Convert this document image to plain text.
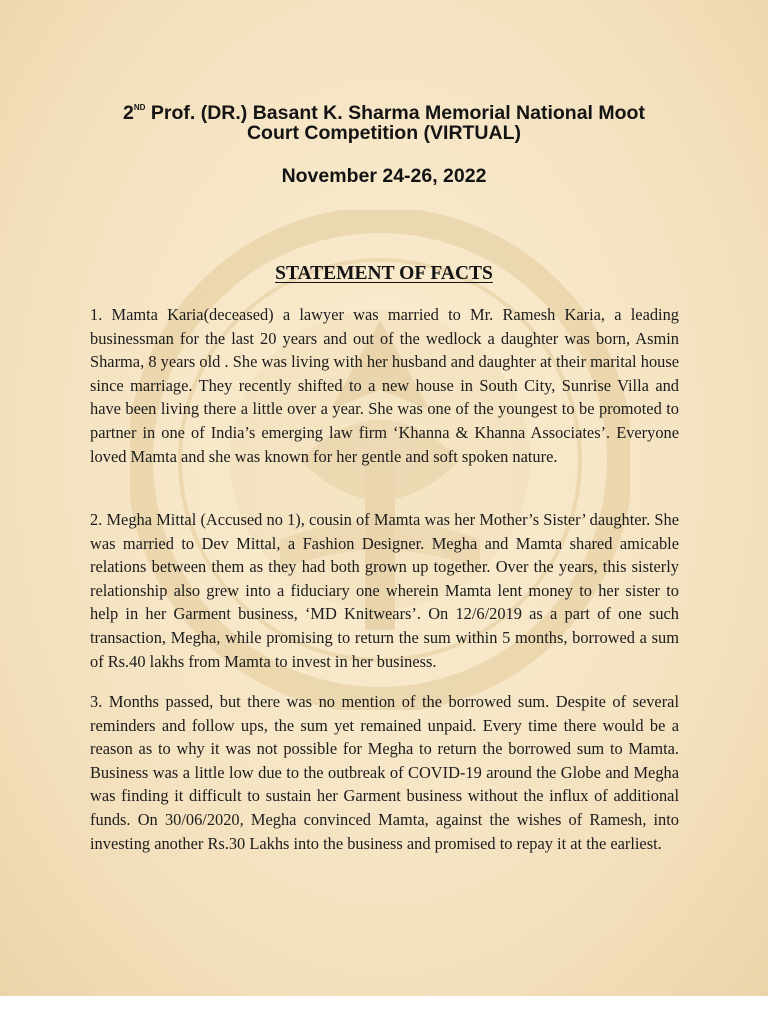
2ND Prof. (DR.) Basant K. Sharma Memorial National Moot
Court Competition (VIRTUAL)
November 24-26, 2022
STATEMENT OF FACTS

1. Mamta Karia(deceased) a lawyer was married to Mr. Ramesh Karia, a leading businessman for the last 20 years and out of the wedlock a daughter was born, Asmin Sharma, 8 years old . She was living with her husband and daughter at their marital house since marriage. They recently shifted to a new house in South City, Sunrise Villa and have been living there a little over a year. She was one of the youngest to be promoted to partner in one of India’s emerging law firm ‘Khanna & Khanna Associates’. Everyone loved Mamta and she was known for her gentle and soft spoken nature.

2. Megha Mittal (Accused no 1), cousin of Mamta was her Mother’s Sister’ daughter. She was married to Dev Mittal, a Fashion Designer. Megha and Mamta shared amicable relations between them as they had both grown up together. Over the years, this sisterly relationship also grew into a fiduciary one wherein Mamta lent money to her sister to help in her Garment business, ‘MD Knitwears’. On 12/6/2019 as a part of one such transaction, Megha, while promising to return the sum within 5 months, borrowed a sum of Rs.40 lakhs from Mamta to invest in her business.

3. Months passed, but there was no mention of the borrowed sum. Despite of several reminders and follow ups, the sum yet remained unpaid. Every time there would be a reason as to why it was not possible for Megha to return the borrowed sum to Mamta. Business was a little low due to the outbreak of COVID-19 around the Globe and Megha was finding it difficult to sustain her Garment business without the influx of additional funds. On 30/06/2020, Megha convinced Mamta, against the wishes of Ramesh, into investing another Rs.30 Lakhs into the business and promised to repay it at the earliest.
